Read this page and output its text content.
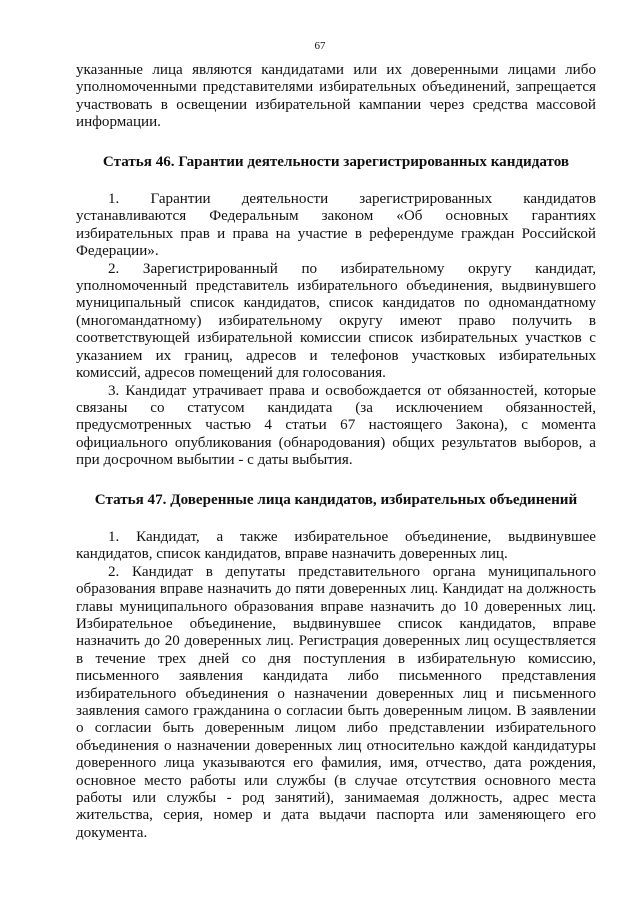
67

указанные лица являются кандидатами или их доверенными лицами либо уполномоченными представителями избирательных объединений, запрещается участвовать в освещении избирательной кампании через средства массовой информации.

Статья 46. Гарантии деятельности зарегистрированных кандидатов

1. Гарантии деятельности зарегистрированных кандидатов устанавливаются Федеральным законом «Об основных гарантиях избирательных прав и права на участие в референдуме граждан Российской Федерации».

2. Зарегистрированный по избирательному округу кандидат, уполномоченный представитель избирательного объединения, выдвинувшего муниципальный список кандидатов, список кандидатов по одномандатному (многомандатному) избирательному округу имеют право получить в соответствующей избирательной комиссии список избирательных участков с указанием их границ, адресов и телефонов участковых избирательных комиссий, адресов помещений для голосования.

3. Кандидат утрачивает права и освобождается от обязанностей, которые связаны со статусом кандидата (за исключением обязанностей, предусмотренных частью 4 статьи 67 настоящего Закона), с момента официального опубликования (обнародования) общих результатов выборов, а при досрочном выбытии - с даты выбытия.

Статья 47. Доверенные лица кандидатов, избирательных объединений

1. Кандидат, а также избирательное объединение, выдвинувшее кандидатов, список кандидатов, вправе назначить доверенных лиц.

2. Кандидат в депутаты представительного органа муниципального образования вправе назначить до пяти доверенных лиц. Кандидат на должность главы муниципального образования вправе назначить до 10 доверенных лиц. Избирательное объединение, выдвинувшее список кандидатов, вправе назначить до 20 доверенных лиц. Регистрация доверенных лиц осуществляется в течение трех дней со дня поступления в избирательную комиссию, письменного заявления кандидата либо письменного представления избирательного объединения о назначении доверенных лиц и письменного заявления самого гражданина о согласии быть доверенным лицом. В заявлении о согласии быть доверенным лицом либо представлении избирательного объединения о назначении доверенных лиц относительно каждой кандидатуры доверенного лица указываются его фамилия, имя, отчество, дата рождения, основное место работы или службы (в случае отсутствия основного места работы или службы - род занятий), занимаемая должность, адрес места жительства, серия, номер и дата выдачи паспорта или заменяющего его документа.
